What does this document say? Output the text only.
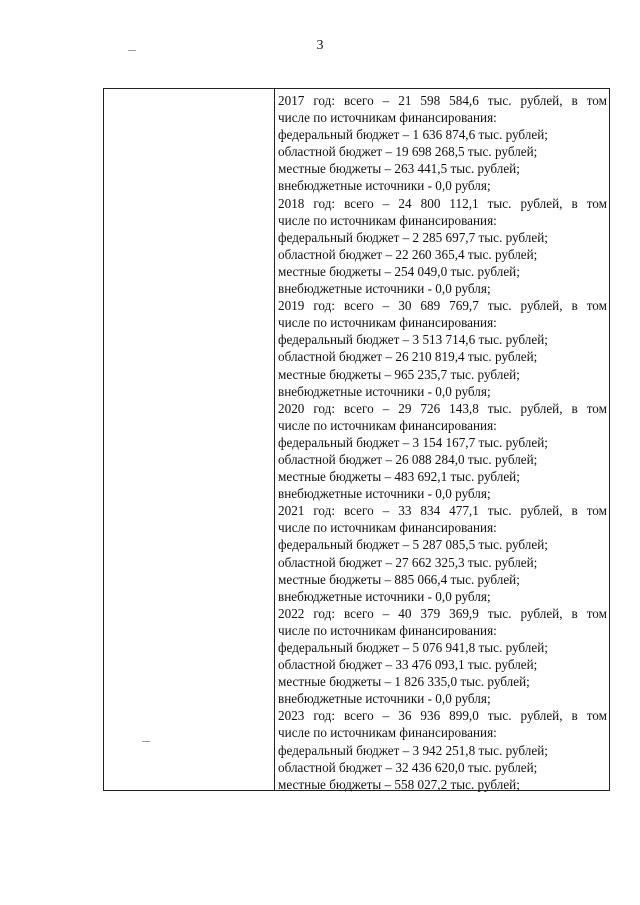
3
2017 год: всего – 21 598 584,6 тыс. рублей, в том
числе по источникам финансирования:
федеральный бюджет – 1 636 874,6 тыс. рублей;
областной бюджет – 19 698 268,5 тыс. рублей;
местные бюджеты – 263 441,5 тыс. рублей;
внебюджетные источники - 0,0 рубля;
2018 год: всего – 24 800 112,1 тыс. рублей, в том
числе по источникам финансирования:
федеральный бюджет – 2 285 697,7 тыс. рублей;
областной бюджет – 22 260 365,4 тыс. рублей;
местные бюджеты – 254 049,0 тыс. рублей;
внебюджетные источники - 0,0 рубля;
2019 год: всего – 30 689 769,7 тыс. рублей, в том
числе по источникам финансирования:
федеральный бюджет – 3 513 714,6 тыс. рублей;
областной бюджет – 26 210 819,4 тыс. рублей;
местные бюджеты – 965 235,7 тыс. рублей;
внебюджетные источники - 0,0 рубля;
2020 год: всего – 29 726 143,8 тыс. рублей, в том
числе по источникам финансирования:
федеральный бюджет – 3 154 167,7 тыс. рублей;
областной бюджет – 26 088 284,0 тыс. рублей;
местные бюджеты – 483 692,1 тыс. рублей;
внебюджетные источники - 0,0 рубля;
2021 год: всего – 33 834 477,1 тыс. рублей, в том
числе по источникам финансирования:
федеральный бюджет – 5 287 085,5 тыс. рублей;
областной бюджет – 27 662 325,3 тыс. рублей;
местные бюджеты – 885 066,4 тыс. рублей;
внебюджетные источники - 0,0 рубля;
2022 год: всего – 40 379 369,9 тыс. рублей, в том
числе по источникам финансирования:
федеральный бюджет – 5 076 941,8 тыс. рублей;
областной бюджет – 33 476 093,1 тыс. рублей;
местные бюджеты – 1 826 335,0 тыс. рублей;
внебюджетные источники - 0,0 рубля;
2023 год: всего – 36 936 899,0 тыс. рублей, в том
числе по источникам финансирования:
федеральный бюджет – 3 942 251,8 тыс. рублей;
областной бюджет – 32 436 620,0 тыс. рублей;
местные бюджеты – 558 027,2 тыс. рублей;
